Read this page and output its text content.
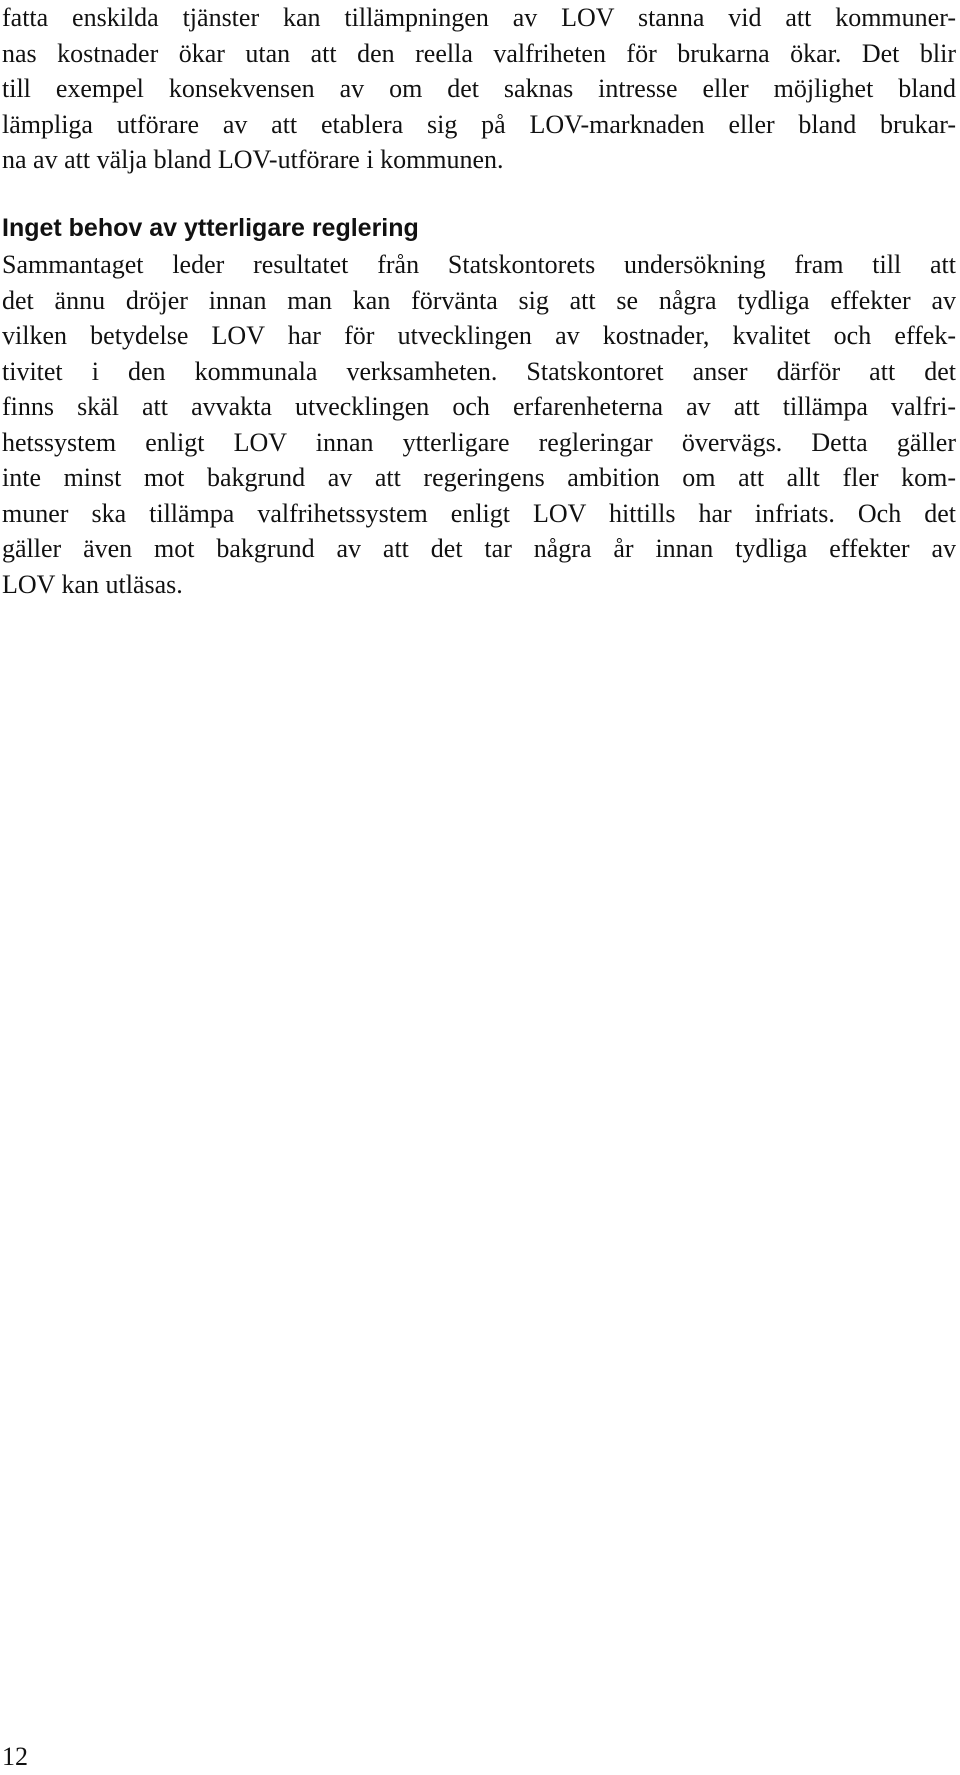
fatta enskilda tjänster kan tillämpningen av LOV stanna vid att kommuner-
nas kostnader ökar utan att den reella valfriheten för brukarna ökar. Det blir
till exempel konsekvensen av om det saknas intresse eller möjlighet bland
lämpliga utförare av att etablera sig på LOV-marknaden eller bland brukar-
na av att välja bland LOV-utförare i kommunen.
Inget behov av ytterligare reglering
Sammantaget leder resultatet från Statskontorets undersökning fram till att
det ännu dröjer innan man kan förvänta sig att se några tydliga effekter av
vilken betydelse LOV har för utvecklingen av kostnader, kvalitet och effek-
tivitet i den kommunala verksamheten. Statskontoret anser därför att det
finns skäl att avvakta utvecklingen och erfarenheterna av att tillämpa valfri-
hetssystem enligt LOV innan ytterligare regleringar övervägs. Detta gäller
inte minst mot bakgrund av att regeringens ambition om att allt fler kom-
muner ska tillämpa valfrihetssystem enligt LOV hittills har infriats. Och det
gäller även mot bakgrund av att det tar några år innan tydliga effekter av
LOV kan utläsas.
12
